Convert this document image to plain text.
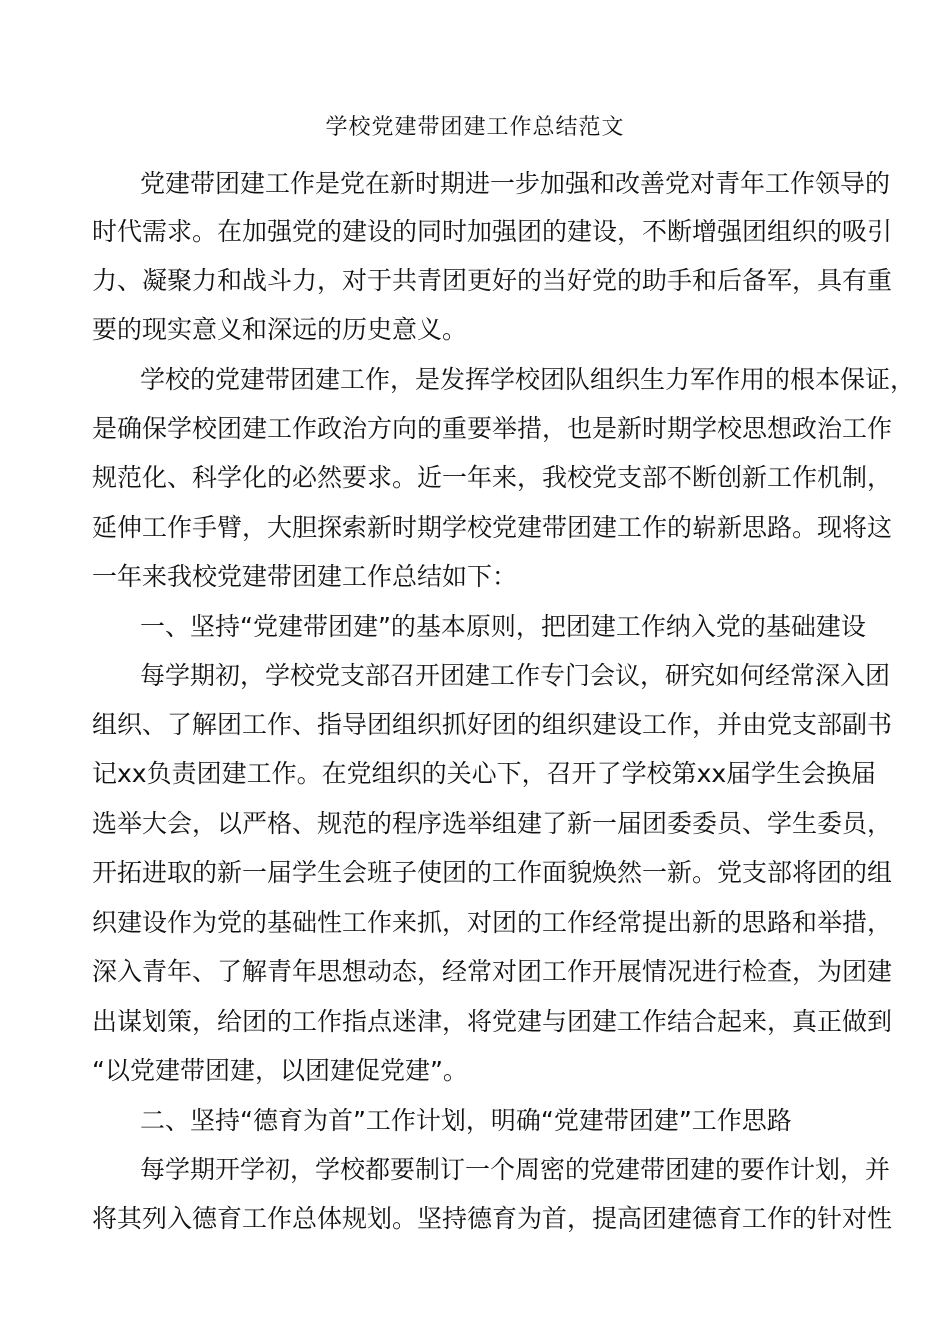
学校党建带团建工作总结范文
党建带团建工作是党在新时期进一步加强和改善党对青年工作领导的
时代需求。在加强党的建设的同时加强团的建设，不断增强团组织的吸引
力、凝聚力和战斗力，对于共青团更好的当好党的助手和后备军，具有重
要的现实意义和深远的历史意义。
学校的党建带团建工作，是发挥学校团队组织生力军作用的根本保证，
是确保学校团建工作政治方向的重要举措，也是新时期学校思想政治工作
规范化、科学化的必然要求。近一年来，我校党支部不断创新工作机制，
延伸工作手臂，大胆探索新时期学校党建带团建工作的崭新思路。现将这
一年来我校党建带团建工作总结如下：
一、坚持“党建带团建”的基本原则，把团建工作纳入党的基础建设
每学期初，学校党支部召开团建工作专门会议，研究如何经常深入团
组织、了解团工作、指导团组织抓好团的组织建设工作，并由党支部副书
记xx负责团建工作。在党组织的关心下，召开了学校第xx届学生会换届
选举大会，以严格、规范的程序选举组建了新一届团委委员、学生委员，
开拓进取的新一届学生会班子使团的工作面貌焕然一新。党支部将团的组
织建设作为党的基础性工作来抓，对团的工作经常提出新的思路和举措，
深入青年、了解青年思想动态，经常对团工作开展情况进行检查，为团建
出谋划策，给团的工作指点迷津，将党建与团建工作结合起来，真正做到
“以党建带团建，以团建促党建”。
二、坚持“德育为首”工作计划，明确“党建带团建”工作思路
每学期开学初，学校都要制订一个周密的党建带团建的要作计划，并
将其列入德育工作总体规划。坚持德育为首，提高团建德育工作的针对性
